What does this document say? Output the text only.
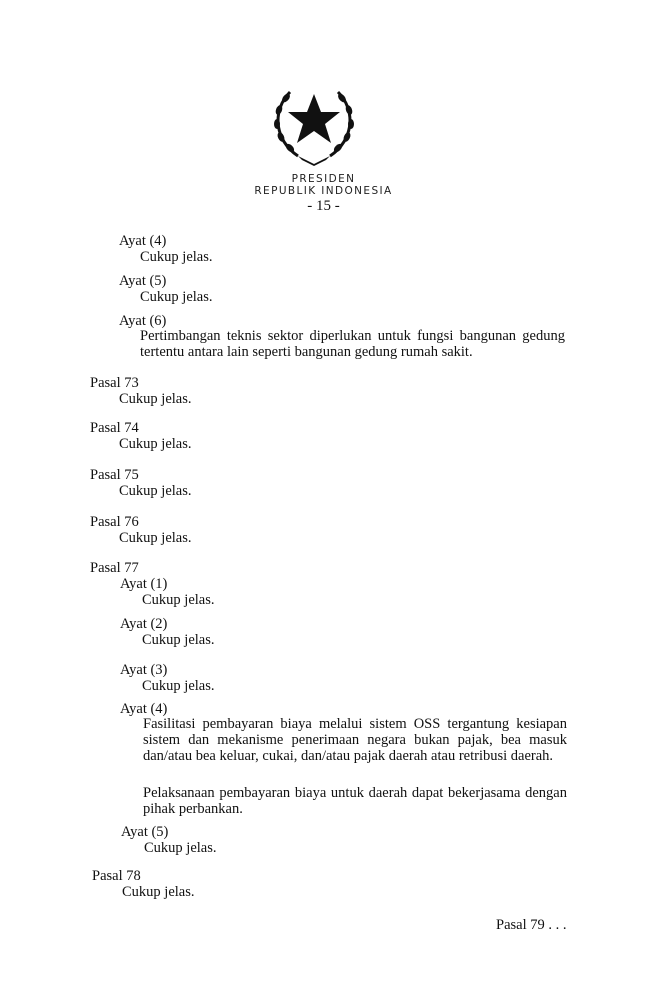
PRESIDEN
REPUBLIK INDONESIA
- 15 -
Ayat (4)
Cukup jelas.
Ayat (5)
Cukup jelas.
Ayat (6)
Pertimbangan teknis sektor diperlukan untuk fungsi bangunan gedung tertentu antara lain seperti bangunan gedung rumah sakit.
Pasal 73
Cukup jelas.
Pasal 74
Cukup jelas.
Pasal 75
Cukup jelas.
Pasal 76
Cukup jelas.
Pasal 77
Ayat (1)
Cukup jelas.
Ayat (2)
Cukup jelas.
Ayat (3)
Cukup jelas.
Ayat (4)
Fasilitasi pembayaran biaya melalui sistem OSS tergantung kesiapan sistem dan mekanisme penerimaan negara bukan pajak, bea masuk dan/atau bea keluar, cukai, dan/atau pajak daerah atau retribusi daerah.
Pelaksanaan pembayaran biaya untuk daerah dapat bekerjasama dengan pihak perbankan.
Ayat (5)
Cukup jelas.
Pasal 78
Cukup jelas.
Pasal 79 . . .
